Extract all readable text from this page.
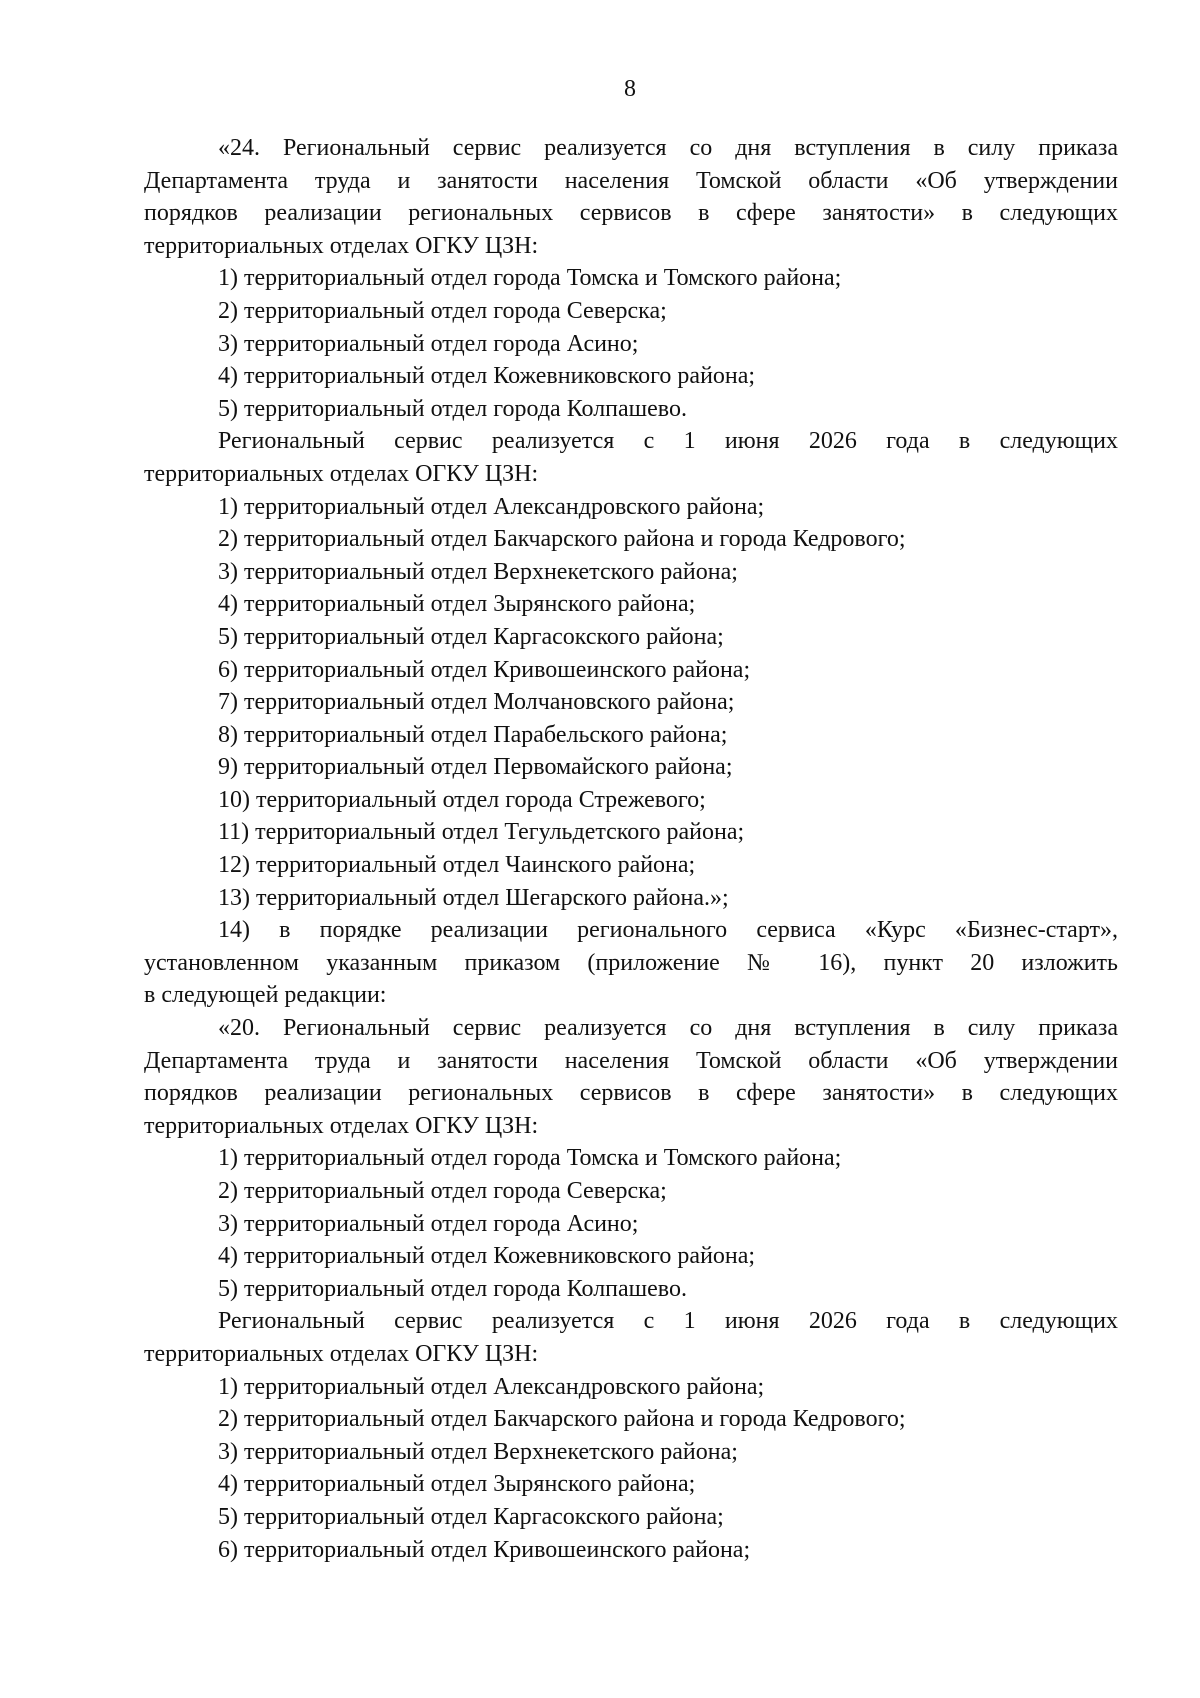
8
«24. Региональный сервис реализуется со дня вступления в силу приказа
Департамента труда и занятости населения Томской области «Об утверждении
порядков реализации региональных сервисов в сфере занятости» в следующих
территориальных отделах ОГКУ ЦЗН:
1) территориальный отдел города Томска и Томского района;
2) территориальный отдел города Северска;
3) территориальный отдел города Асино;
4) территориальный отдел Кожевниковского района;
5) территориальный отдел города Колпашево.
Региональный сервис реализуется с 1 июня 2026 года в следующих
территориальных отделах ОГКУ ЦЗН:
1) территориальный отдел Александровского района;
2) территориальный отдел Бакчарского района и города Кедрового;
3) территориальный отдел Верхнекетского района;
4) территориальный отдел Зырянского района;
5) территориальный отдел Каргасокского района;
6) территориальный отдел Кривошеинского района;
7) территориальный отдел Молчановского района;
8) территориальный отдел Парабельского района;
9) территориальный отдел Первомайского района;
10) территориальный отдел города Стрежевого;
11) территориальный отдел Тегульдетского района;
12) территориальный отдел Чаинского района;
13) территориальный отдел Шегарского района.»;
14) в порядке реализации регионального сервиса «Курс «Бизнес-старт»,
установленном указанным приказом (приложение № 16), пункт 20 изложить
в следующей редакции:
«20. Региональный сервис реализуется со дня вступления в силу приказа
Департамента труда и занятости населения Томской области «Об утверждении
порядков реализации региональных сервисов в сфере занятости» в следующих
территориальных отделах ОГКУ ЦЗН:
1) территориальный отдел города Томска и Томского района;
2) территориальный отдел города Северска;
3) территориальный отдел города Асино;
4) территориальный отдел Кожевниковского района;
5) территориальный отдел города Колпашево.
Региональный сервис реализуется с 1 июня 2026 года в следующих
территориальных отделах ОГКУ ЦЗН:
1) территориальный отдел Александровского района;
2) территориальный отдел Бакчарского района и города Кедрового;
3) территориальный отдел Верхнекетского района;
4) территориальный отдел Зырянского района;
5) территориальный отдел Каргасокского района;
6) территориальный отдел Кривошеинского района;
